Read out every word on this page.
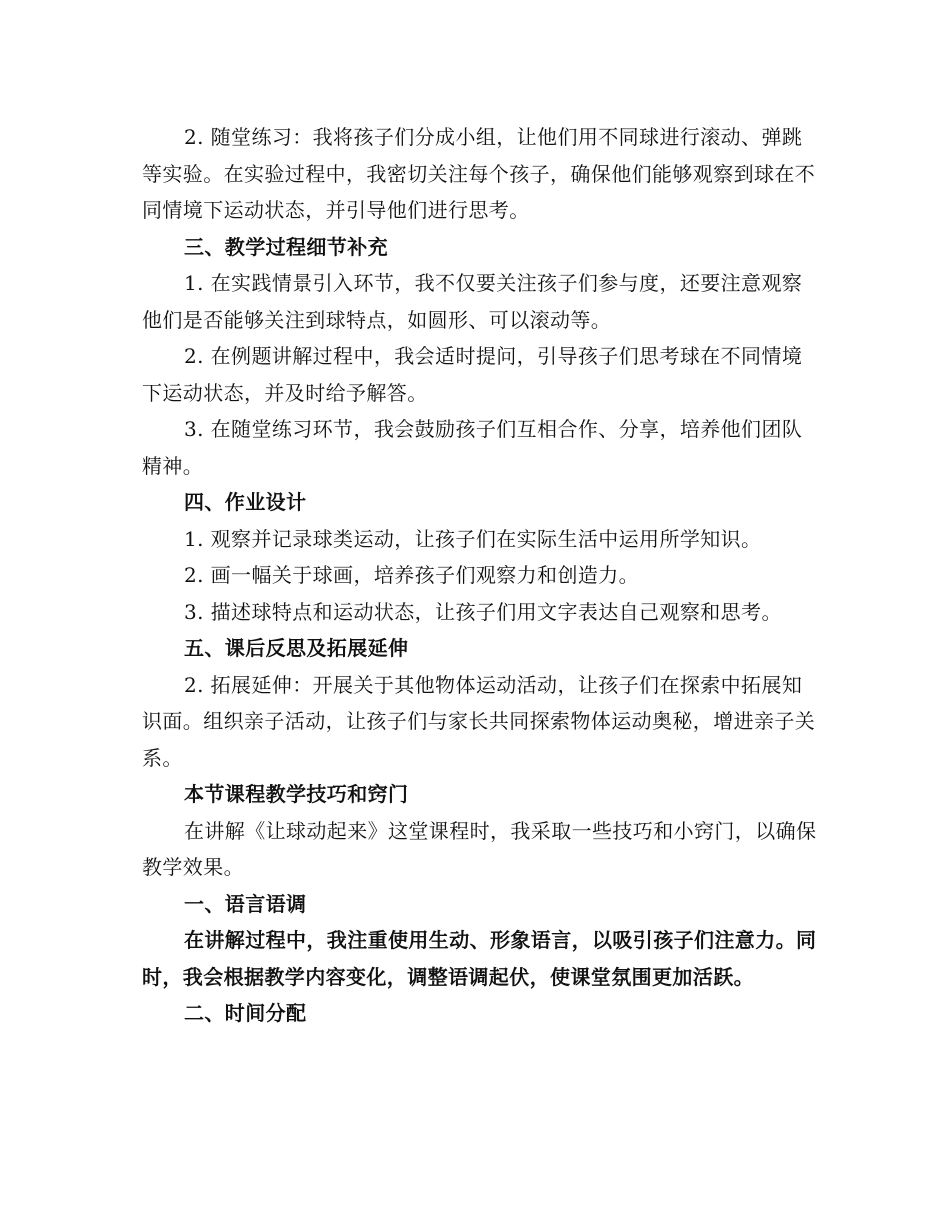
2. 随堂练习：我将孩子们分成小组，让他们用不同球进行滚动、弹跳等实验。在实验过程中，我密切关注每个孩子，确保他们能够观察到球在不同情境下运动状态，并引导他们进行思考。

三、教学过程细节补充

1. 在实践情景引入环节，我不仅要关注孩子们参与度，还要注意观察他们是否能够关注到球特点，如圆形、可以滚动等。

2. 在例题讲解过程中，我会适时提问，引导孩子们思考球在不同情境下运动状态，并及时给予解答。

3. 在随堂练习环节，我会鼓励孩子们互相合作、分享，培养他们团队精神。

四、作业设计

1. 观察并记录球类运动，让孩子们在实际生活中运用所学知识。

2. 画一幅关于球画，培养孩子们观察力和创造力。

3. 描述球特点和运动状态，让孩子们用文字表达自己观察和思考。

五、课后反思及拓展延伸

2. 拓展延伸：开展关于其他物体运动活动，让孩子们在探索中拓展知识面。组织亲子活动，让孩子们与家长共同探索物体运动奥秘，增进亲子关系。

本节课程教学技巧和窍门

在讲解《让球动起来》这堂课程时，我采取一些技巧和小窍门，以确保教学效果。

一、语言语调

在讲解过程中，我注重使用生动、形象语言，以吸引孩子们注意力。同时，我会根据教学内容变化，调整语调起伏，使课堂氛围更加活跃。

二、时间分配
